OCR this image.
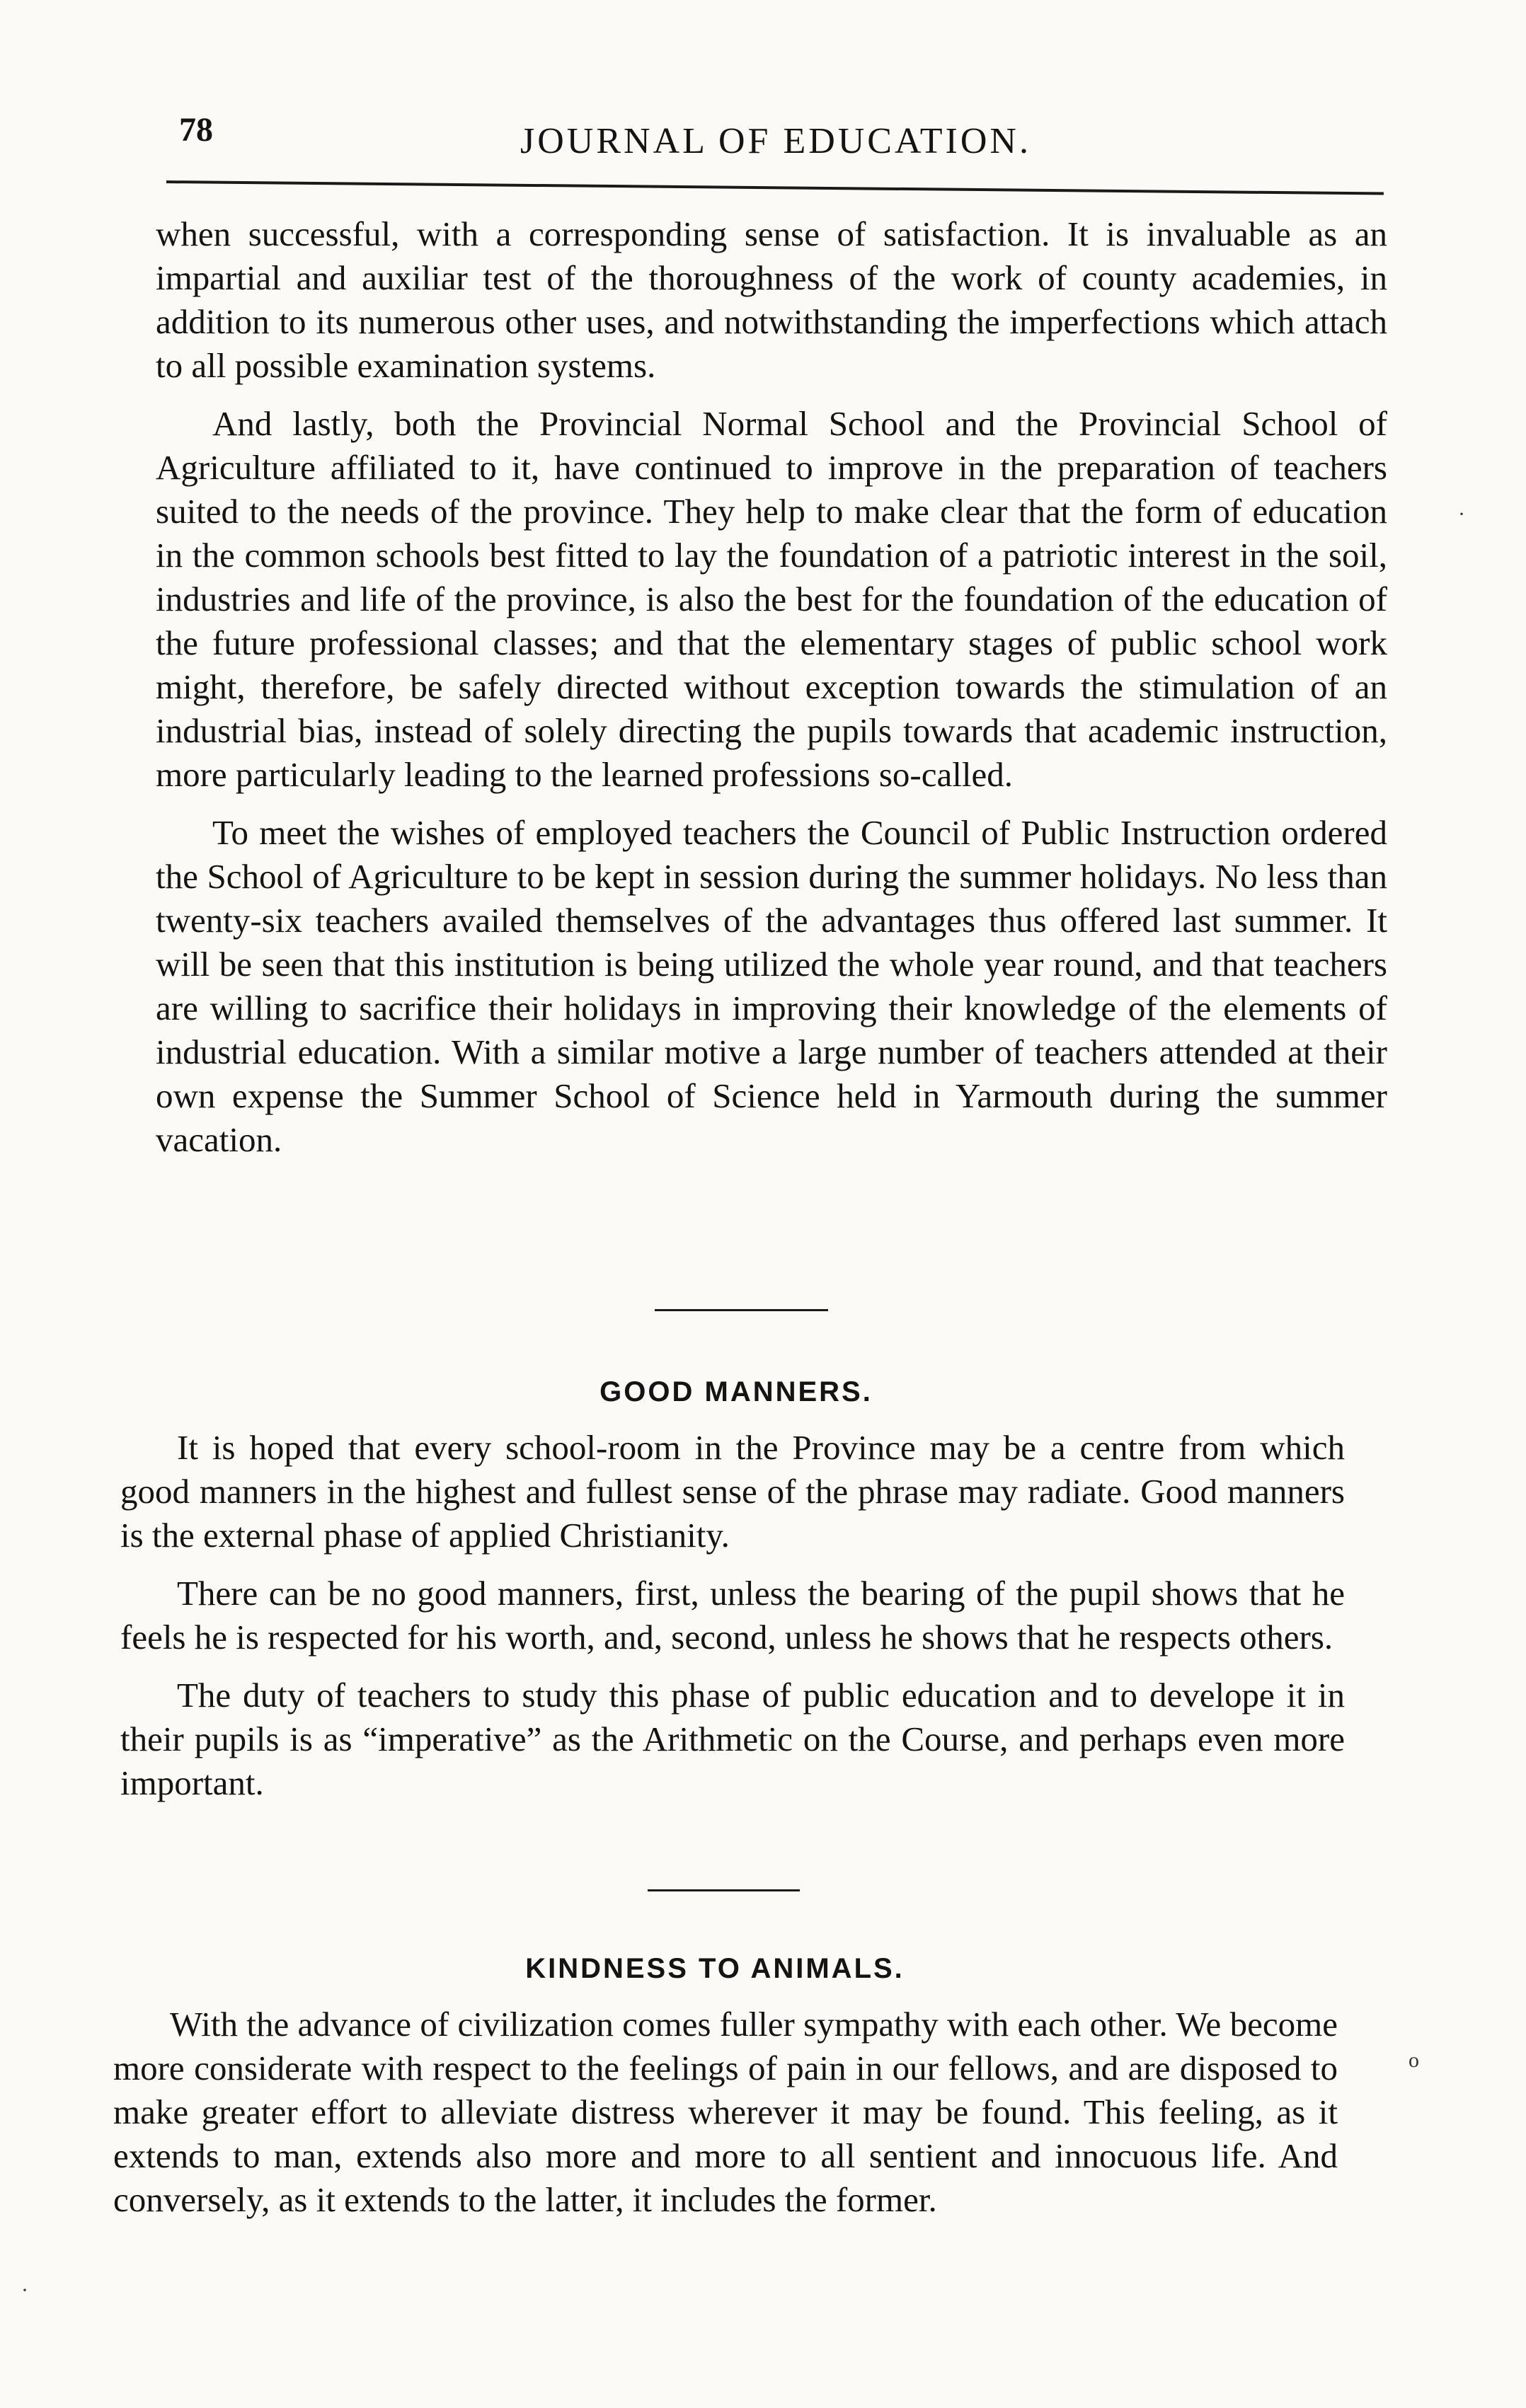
78	JOURNAL OF EDUCATION.

when successful, with a corresponding sense of satisfaction. It is invaluable as an impartial and auxiliar test of the thoroughness of the work of county academies, in addition to its numerous other uses, and notwithstanding the imperfections which attach to all possible examination systems.

And lastly, both the Provincial Normal School and the Provincial School of Agriculture affiliated to it, have continued to improve in the preparation of teachers suited to the needs of the province. They help to make clear that the form of education in the common schools best fitted to lay the foundation of a patriotic interest in the soil, industries and life of the province, is also the best for the foundation of the education of the future professional classes; and that the elementary stages of public school work might, therefore, be safely directed without exception towards the stimulation of an industrial bias, instead of solely directing the pupils towards that academic instruction, more particularly leading to the learned professions so-called.

To meet the wishes of employed teachers the Council of Public Instruction ordered the School of Agriculture to be kept in session during the summer holidays. No less than twenty-six teachers availed themselves of the advantages thus offered last summer. It will be seen that this institution is being utilized the whole year round, and that teachers are willing to sacrifice their holidays in improving their knowledge of the elements of industrial education. With a similar motive a large number of teachers attended at their own expense the Summer School of Science held in Yarmouth during the summer vacation.

GOOD MANNERS.

It is hoped that every school-room in the Province may be a centre from which good manners in the highest and fullest sense of the phrase may radiate. Good manners is the external phase of applied Christianity.

There can be no good manners, first, unless the bearing of the pupil shows that he feels he is respected for his worth, and, second, unless he shows that he respects others.

The duty of teachers to study this phase of public education and to develope it in their pupils is as “imperative” as the Arithmetic on the Course, and perhaps even more important.

KINDNESS TO ANIMALS.

With the advance of civilization comes fuller sympathy with each other. We become more considerate with respect to the feelings of pain in our fellows, and are disposed to make greater effort to alleviate distress wherever it may be found. This feeling, as it extends to man, extends also more and more to all sentient and innocuous life. And conversely, as it extends to the latter, it includes the former.

·
o
·
